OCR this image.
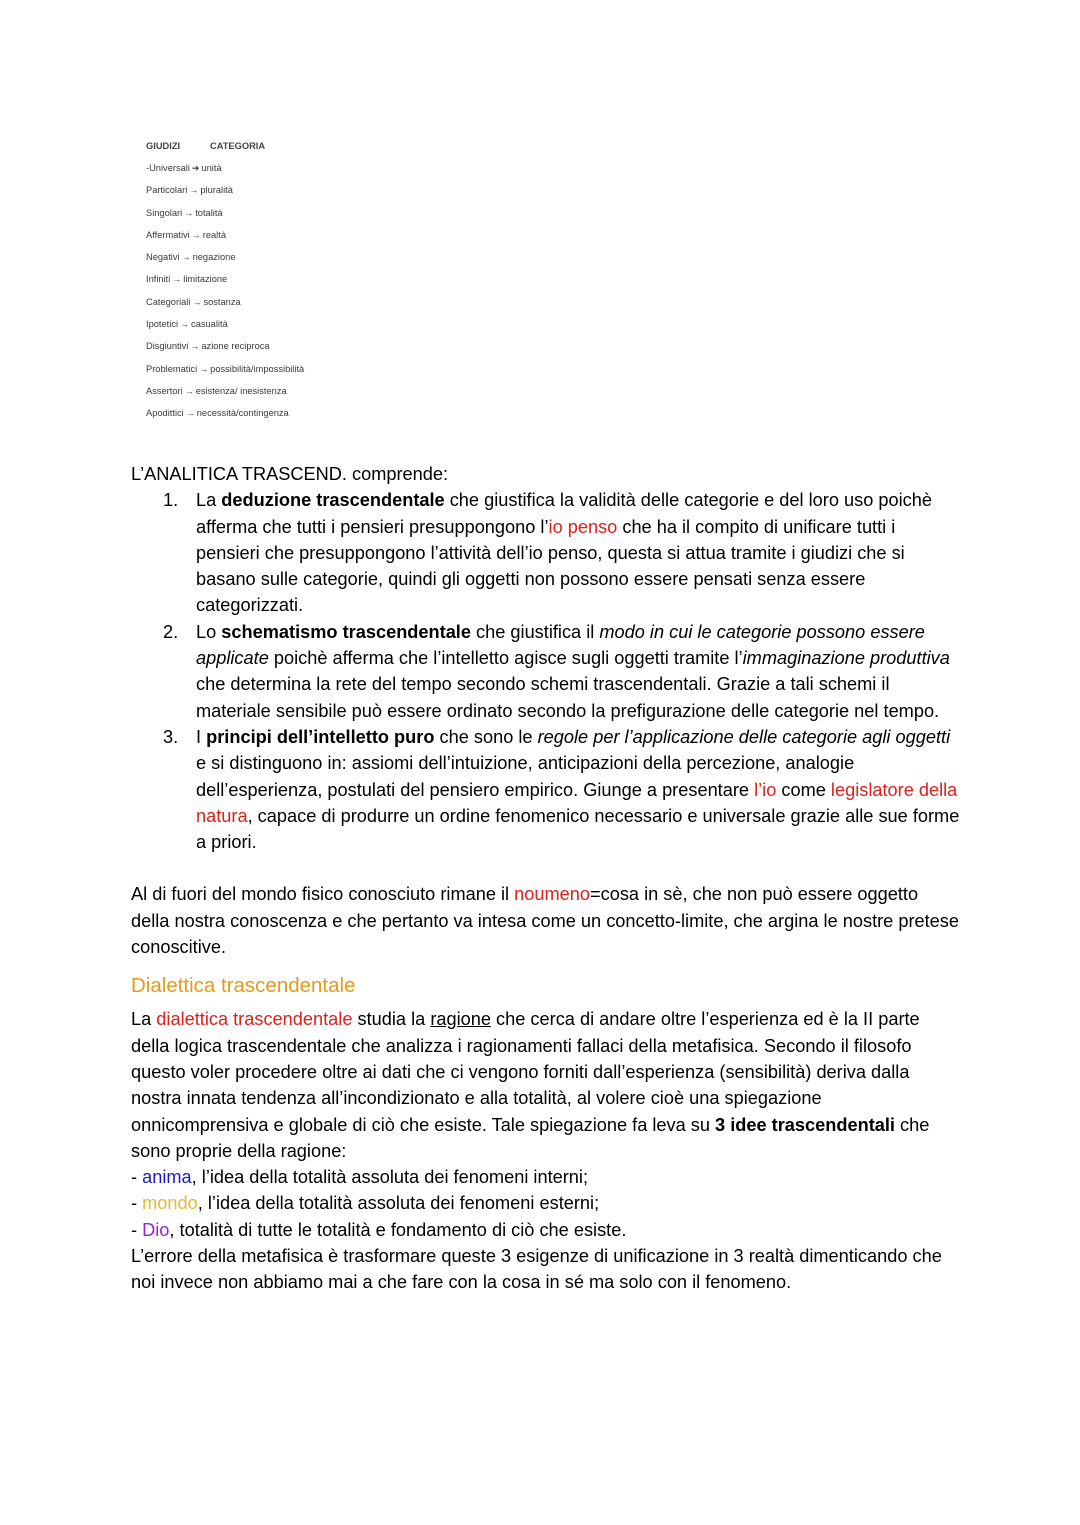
GIUDIZI	CATEGORIA
-Universali ➔ unità
Particolari → pluralità
Singolari → totalità
Affermativi → realtà
Negativi → negazione
Infiniti → limitazione
Categoriali → sostanza
Ipotetici → casualità
Disgiuntivi → azione reciproca
Problematici → possibilità/impossibilità
Assertori → esistenza/ inesistenza
Apodittici → necessità/contingenza

L’ANALITICA TRASCEND. comprende:

1. La deduzione trascendentale che giustifica la validità delle categorie e del loro uso poichè afferma che tutti i pensieri presuppongono l’io penso che ha il compito di unificare tutti i pensieri che presuppongono l’attività dell’io penso, questa si attua tramite i giudizi che si basano sulle categorie, quindi gli oggetti non possono essere pensati senza essere categorizzati.
2. Lo schematismo trascendentale che giustifica il modo in cui le categorie possono essere applicate poichè afferma che l’intelletto agisce sugli oggetti tramite l’immaginazione produttiva che determina la rete del tempo secondo schemi trascendentali. Grazie a tali schemi il materiale sensibile può essere ordinato secondo la prefigurazione delle categorie nel tempo.
3. I principi dell’intelletto puro che sono le regole per l’applicazione delle categorie agli oggetti e si distinguono in: assiomi dell’intuizione, anticipazioni della percezione, analogie dell’esperienza, postulati del pensiero empirico. Giunge a presentare l’io come legislatore della natura, capace di produrre un ordine fenomenico necessario e universale grazie alle sue forme a priori.

Al di fuori del mondo fisico conosciuto rimane il noumeno=cosa in sè, che non può essere oggetto della nostra conoscenza e che pertanto va intesa come un concetto-limite, che argina le nostre pretese conoscitive.

Dialettica trascendentale

La dialettica trascendentale studia la ragione che cerca di andare oltre l’esperienza ed è la II parte della logica trascendentale che analizza i ragionamenti fallaci della metafisica. Secondo il filosofo questo voler procedere oltre ai dati che ci vengono forniti dall’esperienza (sensibilità) deriva dalla nostra innata tendenza all’incondizionato e alla totalità, al volere cioè una spiegazione onnicomprensiva e globale di ciò che esiste. Tale spiegazione fa leva su 3 idee trascendentali che sono proprie della ragione:

- anima, l’idea della totalità assoluta dei fenomeni interni;

- mondo, l’idea della totalità assoluta dei fenomeni esterni;

- Dio, totalità di tutte le totalità e fondamento di ciò che esiste.

L’errore della metafisica è trasformare queste 3 esigenze di unificazione in 3 realtà dimenticando che noi invece non abbiamo mai a che fare con la cosa in sé ma solo con il fenomeno.
